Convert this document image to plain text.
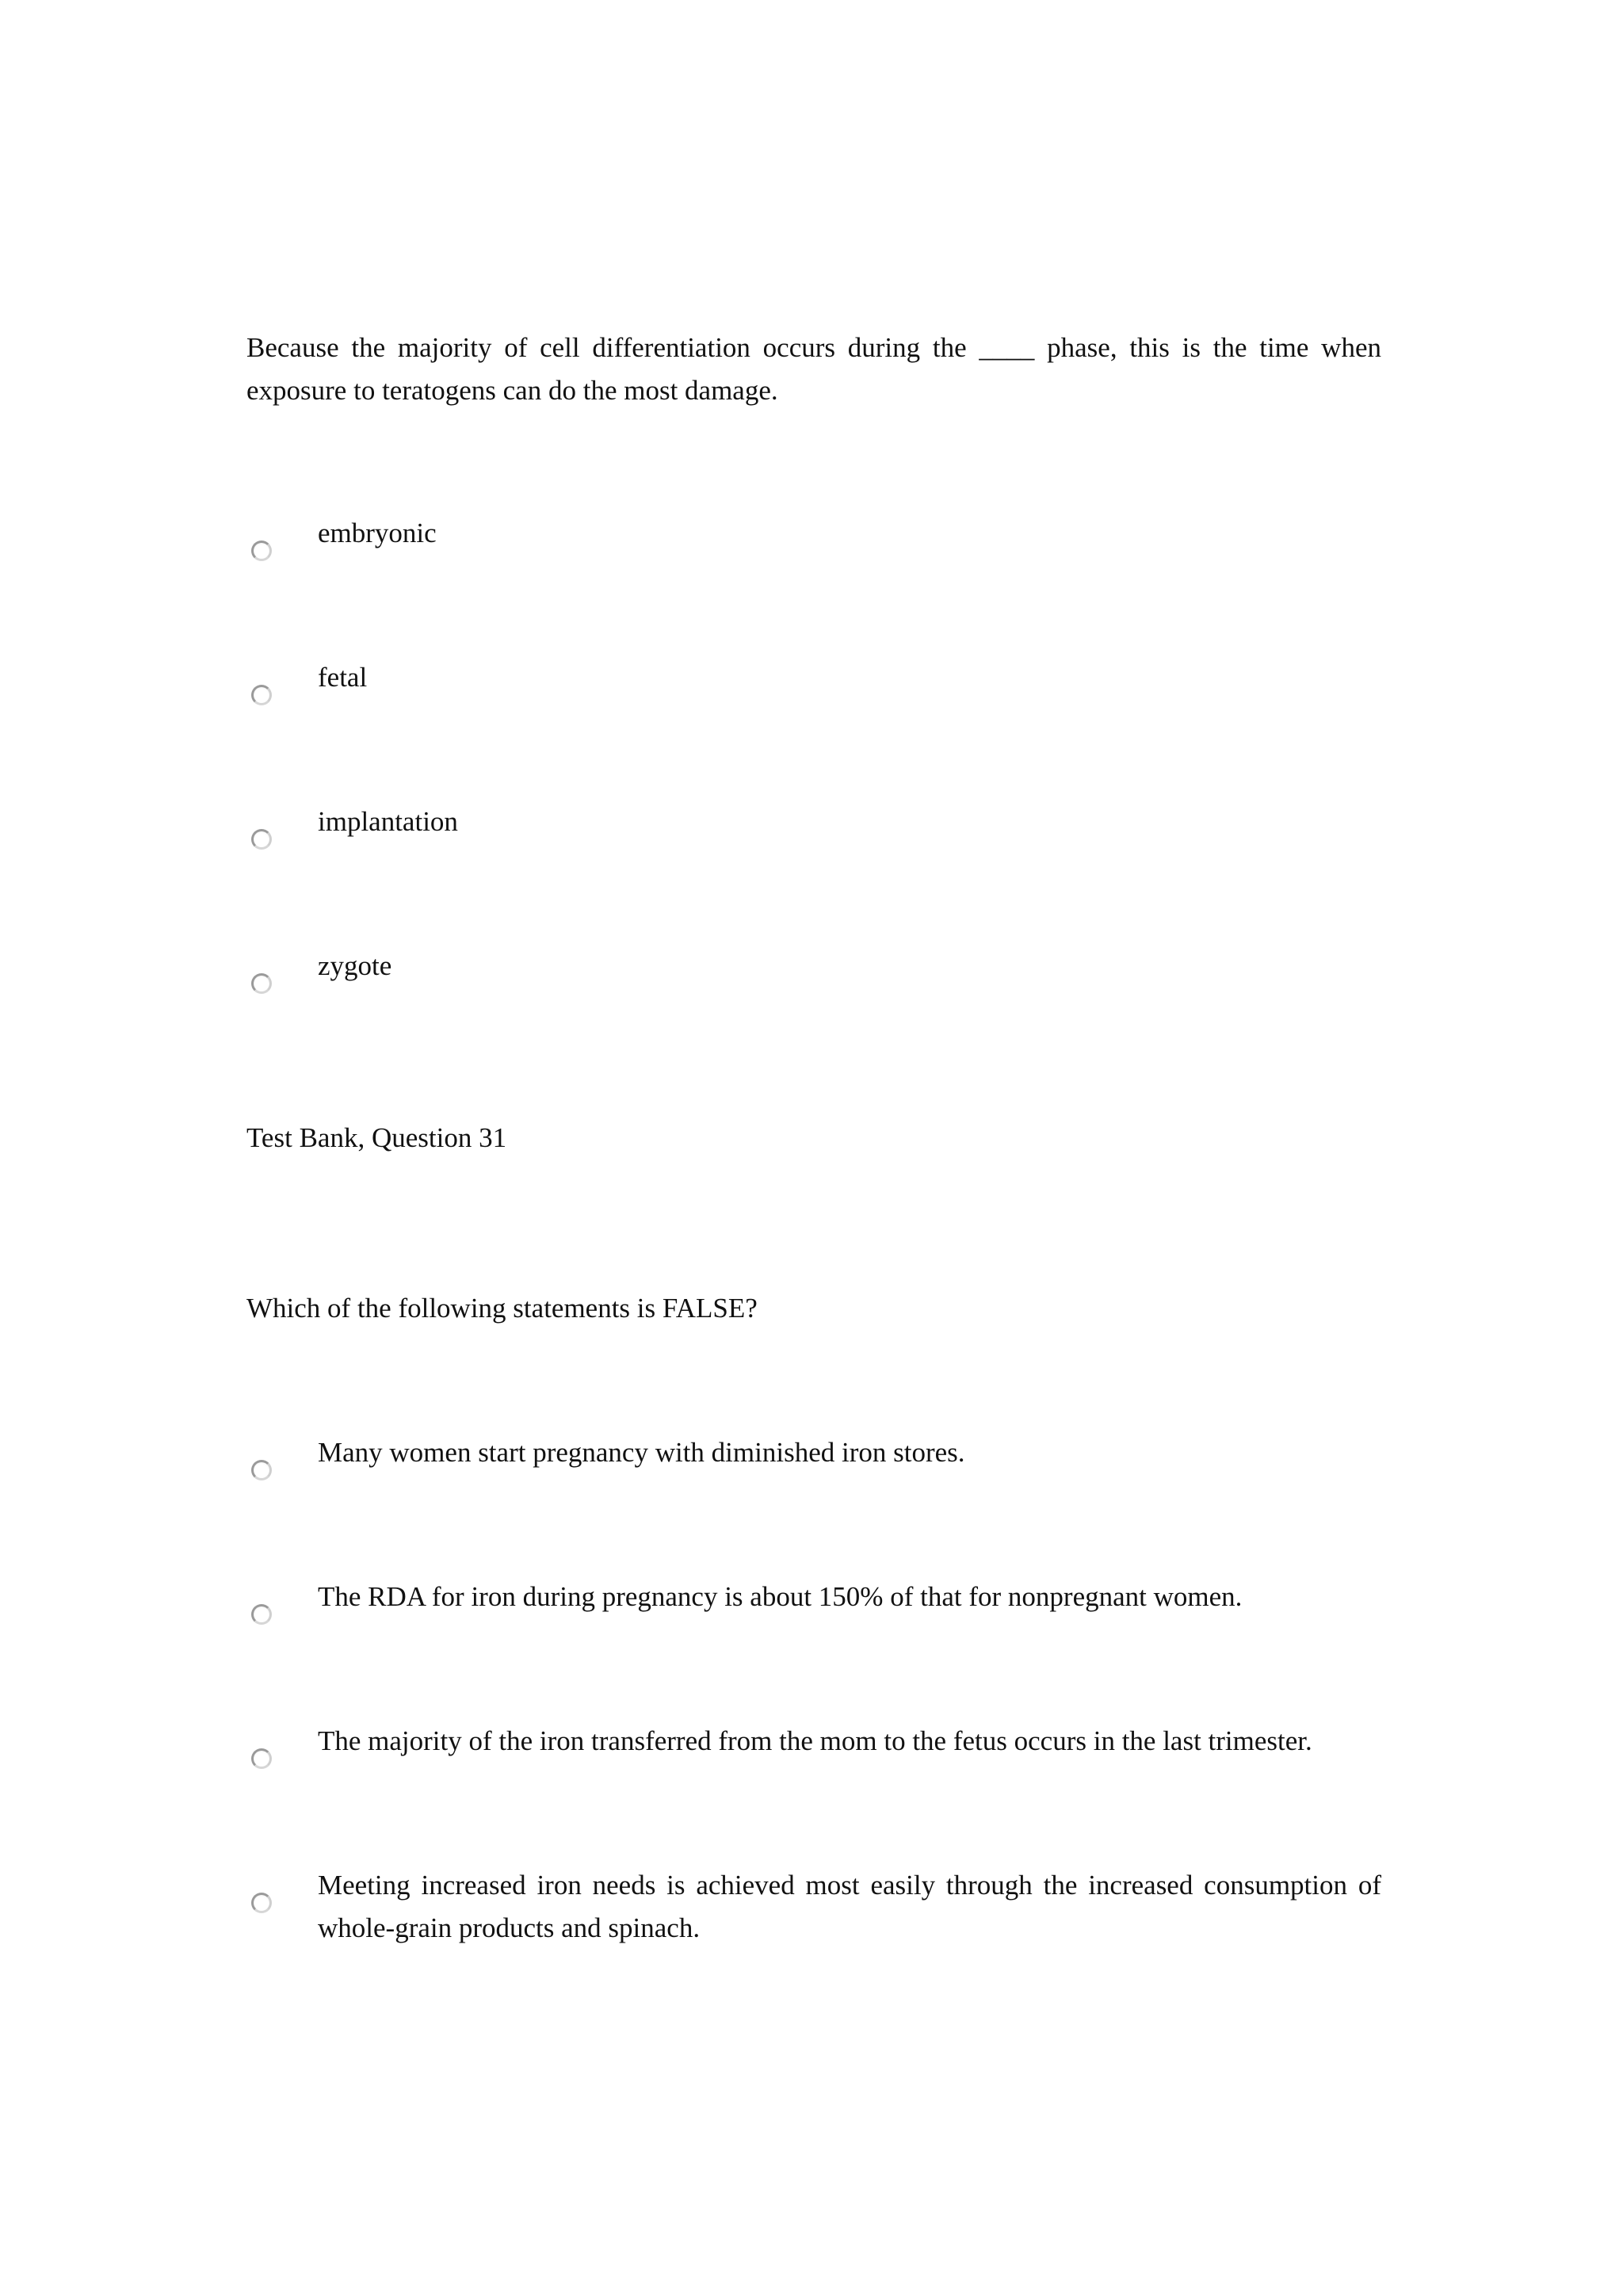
Because the majority of cell differentiation occurs during the ____ phase, this is the time when exposure to teratogens can do the most damage.

embryonic
fetal
implantation
zygote

Test Bank, Question 31

Which of the following statements is FALSE?

Many women start pregnancy with diminished iron stores.
The RDA for iron during pregnancy is about 150% of that for nonpregnant women.
The majority of the iron transferred from the mom to the fetus occurs in the last trimester.
Meeting increased iron needs is achieved most easily through the increased consumption of whole-grain products and spinach.
